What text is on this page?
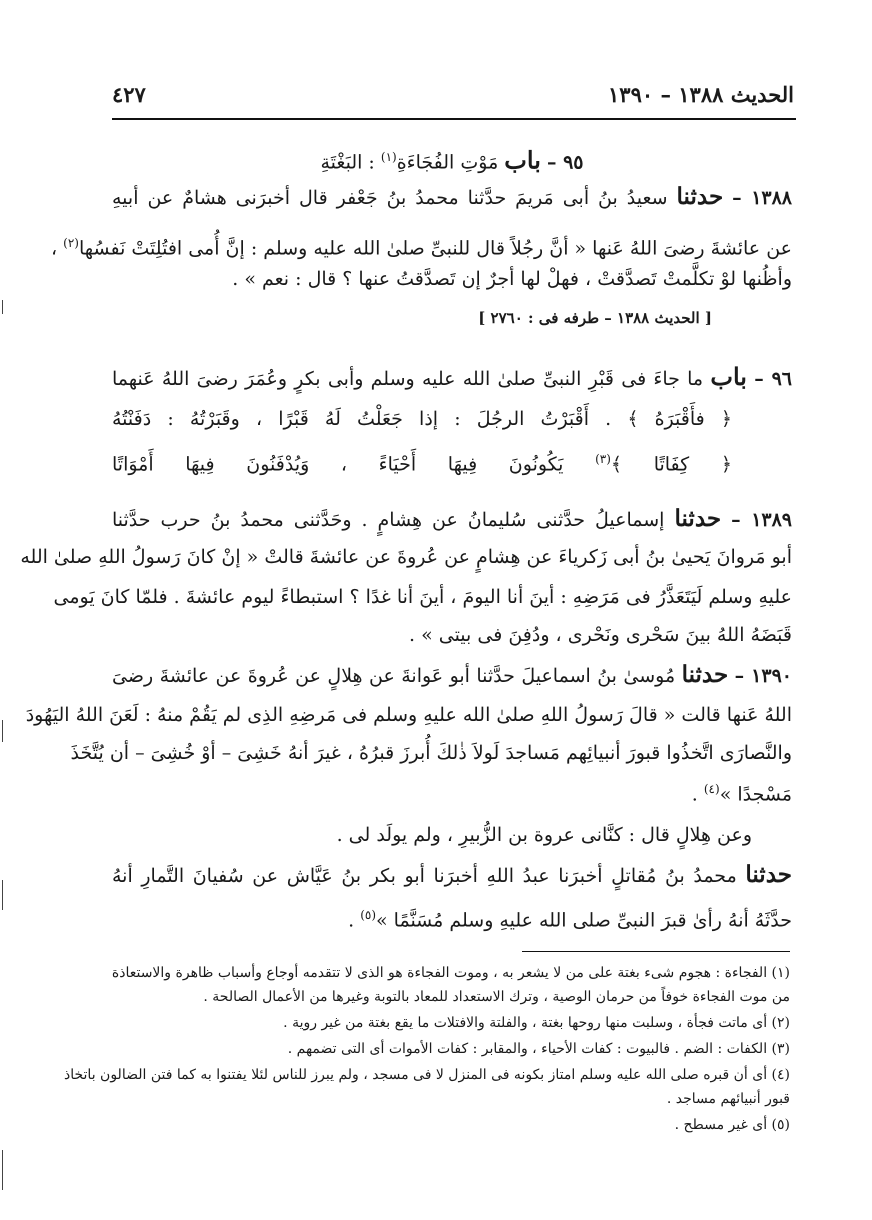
الحديث ١٣٨٨ – ١٣٩٠
٤٢٧
٩٥ – باب مَوْتِ الفُجَاءَةِ$^{(١)}$ : البَغْتَةِ
١٣٨٨ – حدثنا سعيدُ بنُ أبى مَريمَ حدَّثنا محمدُ بنُ جَعْفر قال أخبرَنى هشامٌ عن أبيهِ
عن عائشةَ رضىَ اللهُ عَنها « أنَّ رجُلاً قال للنبىِّ صلىٰ الله عليه وسلم : إنَّ أُمى افتُلِتَتْ نَفسُها$^{(٢)}$ ،
وأظُنها لوْ تكلَّمتْ تَصدَّقتْ ، فهلْ لها أجرٌ إن تَصدَّقتُ عنها ؟ قال : نعم » .
[ الحديث ١٣٨٨ – طرفه فى : ٢٧٦٠ ]
٩٦ – باب ما جاءَ فى قَبْرِ النبىِّ صلىٰ الله عليه وسلم وأبى بكرٍ وعُمَرَ رضىَ اللهُ عَنهما
﴿ فأَقْبَرَهُ ﴾ . أَقْبَرْتُ الرجُلَ : إذا جَعَلْتُ لَهُ قَبْرًا ، وقَبَرْتُهُ : دَفَنْتُهُ
﴿ كِفَاتًا ﴾$^{(٣)}$ يَكُونُونَ فِيهَا أَحْيَاءً ، وَيُدْفَنُونَ فِيهَا أَمْوَاتًا
١٣٨٩ – حدثنا إسماعيلُ حدَّثنى سُليمانُ عن هِشامٍ . وحَدَّثنى محمدُ بنُ حرب حدَّثنا
أبو مَروانَ يَحيىٰ بنُ أبى زَكرياءَ عن هِشامٍ عن عُروةَ عن عائشةَ قالتْ « إنْ كانَ رَسولُ اللهِ صلىٰ الله
عليهِ وسلم لَيَتَعَذَّرُ فى مَرَضِهِ : أينَ أنا اليومَ ، أينَ أنا غدًا ؟ استبطاءً ليوم عائشةَ . فلمّا كانَ يَومى
قَبَضَهُ اللهُ بينَ سَحْرى ونَحْرى ، ودُفِنَ فى بيتى » .
١٣٩٠ – حدثنا مُوسىٰ بنُ اسماعيلَ حدَّثنا أبو عَوانةَ عن هِلالٍ عن عُروةَ عن عائشةَ رضىَ
اللهُ عَنها قالت « قالَ رَسولُ اللهِ صلىٰ الله عليهِ وسلم فى مَرضِهِ الذِى لم يَقُمْ منهُ : لَعَنَ اللهُ اليَهُودَ
والنَّصارَى اتَّخذُوا قبورَ أنبيائِهم مَساجدَ لَولاَ ذٰلكَ أُبرزَ قبرُهُ ، غيرَ أنهُ خَشِىَ – أوْ خُشِىَ – أن يُتَّخَذَ
مَسْجدًا »$^{(٤)}$ .
وعن هِلالٍ قال : كنَّانى عروة بن الزُّبيرِ ، ولم يولَد لى .
حدثنا محمدُ بنُ مُقاتلٍ أخبرَنا عبدُ اللهِ أخبرَنا أبو بكر بنُ عَيَّاش عن سُفيانَ التَّمارِ أنهُ
حدَّثَهُ أنهُ رأىٰ قبرَ النبىِّ صلى الله عليهِ وسلم مُسَنَّمًا »$^{(٥)}$ .
(١) الفجاءة : هجوم شىء بغتة على من لا يشعر به ، وموت الفجاءة هو الذى لا تتقدمه أوجاع وأسباب ظاهرة والاستعاذة
من موت الفجاءة خوفاً من حرمان الوصية ، وترك الاستعداد للمعاد بالتوبة وغيرها من الأعمال الصالحة .
(٢) أى ماتت فجأة ، وسلبت منها روحها بغتة ، والفلتة والافتلات ما يقع بغتة من غير روية .
(٣) الكفات : الضم . فالبيوت : كفات الأحياء ، والمقابر : كفات الأموات أى التى تضمهم .
(٤) أى أن قبره صلى الله عليه وسلم امتاز بكونه فى المنزل لا فى مسجد ، ولم يبرز للناس لئلا يفتنوا به كما فتن الضالون باتخاذ
قبور أنبيائهم مساجد .
(٥) أى غير مسطح .
